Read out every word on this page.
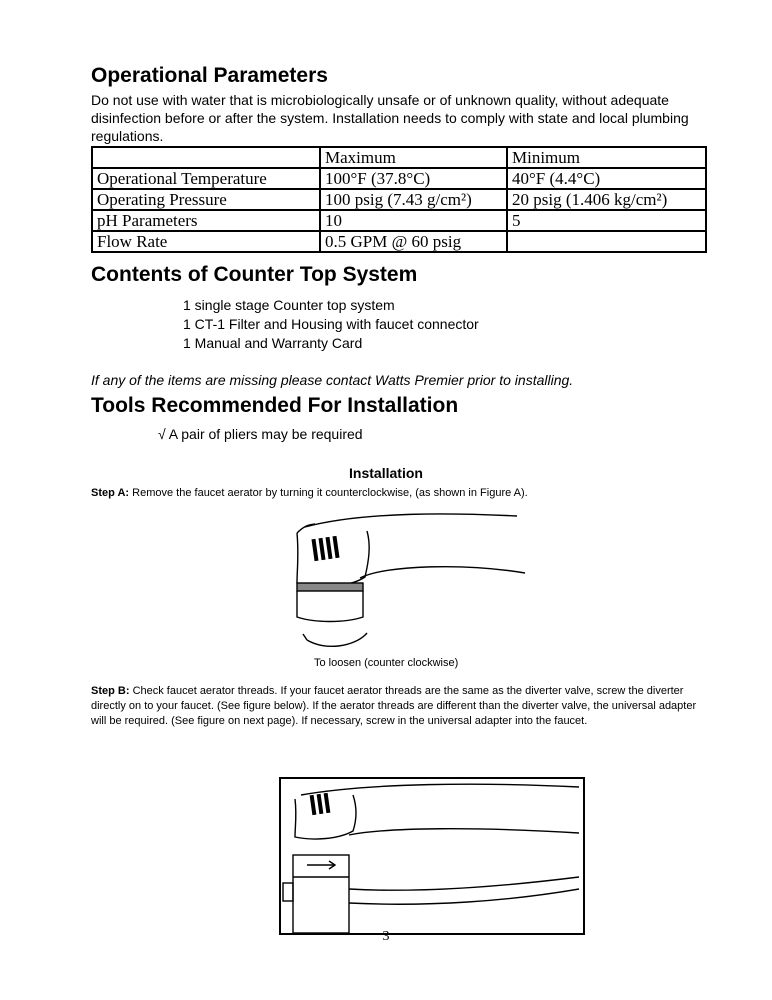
Operational Parameters
Do not use with water that is microbiologically unsafe or of unknown quality, without adequate disinfection before or after the system. Installation needs to comply with state and local plumbing regulations.
	Maximum	Minimum
Operational Temperature	100°F (37.8°C)	40°F (4.4°C)
Operating Pressure	100 psig (7.43 g/cm²)	20 psig (1.406 kg/cm²)
pH Parameters	10	5
Flow Rate	0.5 GPM @ 60 psig	
Contents of Counter Top System
1 single stage Counter top system
1 CT-1 Filter and Housing with faucet connector
1 Manual and Warranty Card
If any of the items are missing please contact Watts Premier prior to installing.
Tools Recommended For Installation
√ A pair of pliers may be required
Installation
Step A: Remove the faucet aerator by turning it counterclockwise, (as shown in Figure A).
To loosen (counter clockwise)
Step B: Check faucet aerator threads. If your faucet aerator threads are the same as the diverter valve, screw the diverter directly on to your faucet. (See figure below). If the aerator threads are different than the diverter valve, the universal adapter will be required. (See figure on next page). If necessary, screw in the universal adapter into the faucet.
3
